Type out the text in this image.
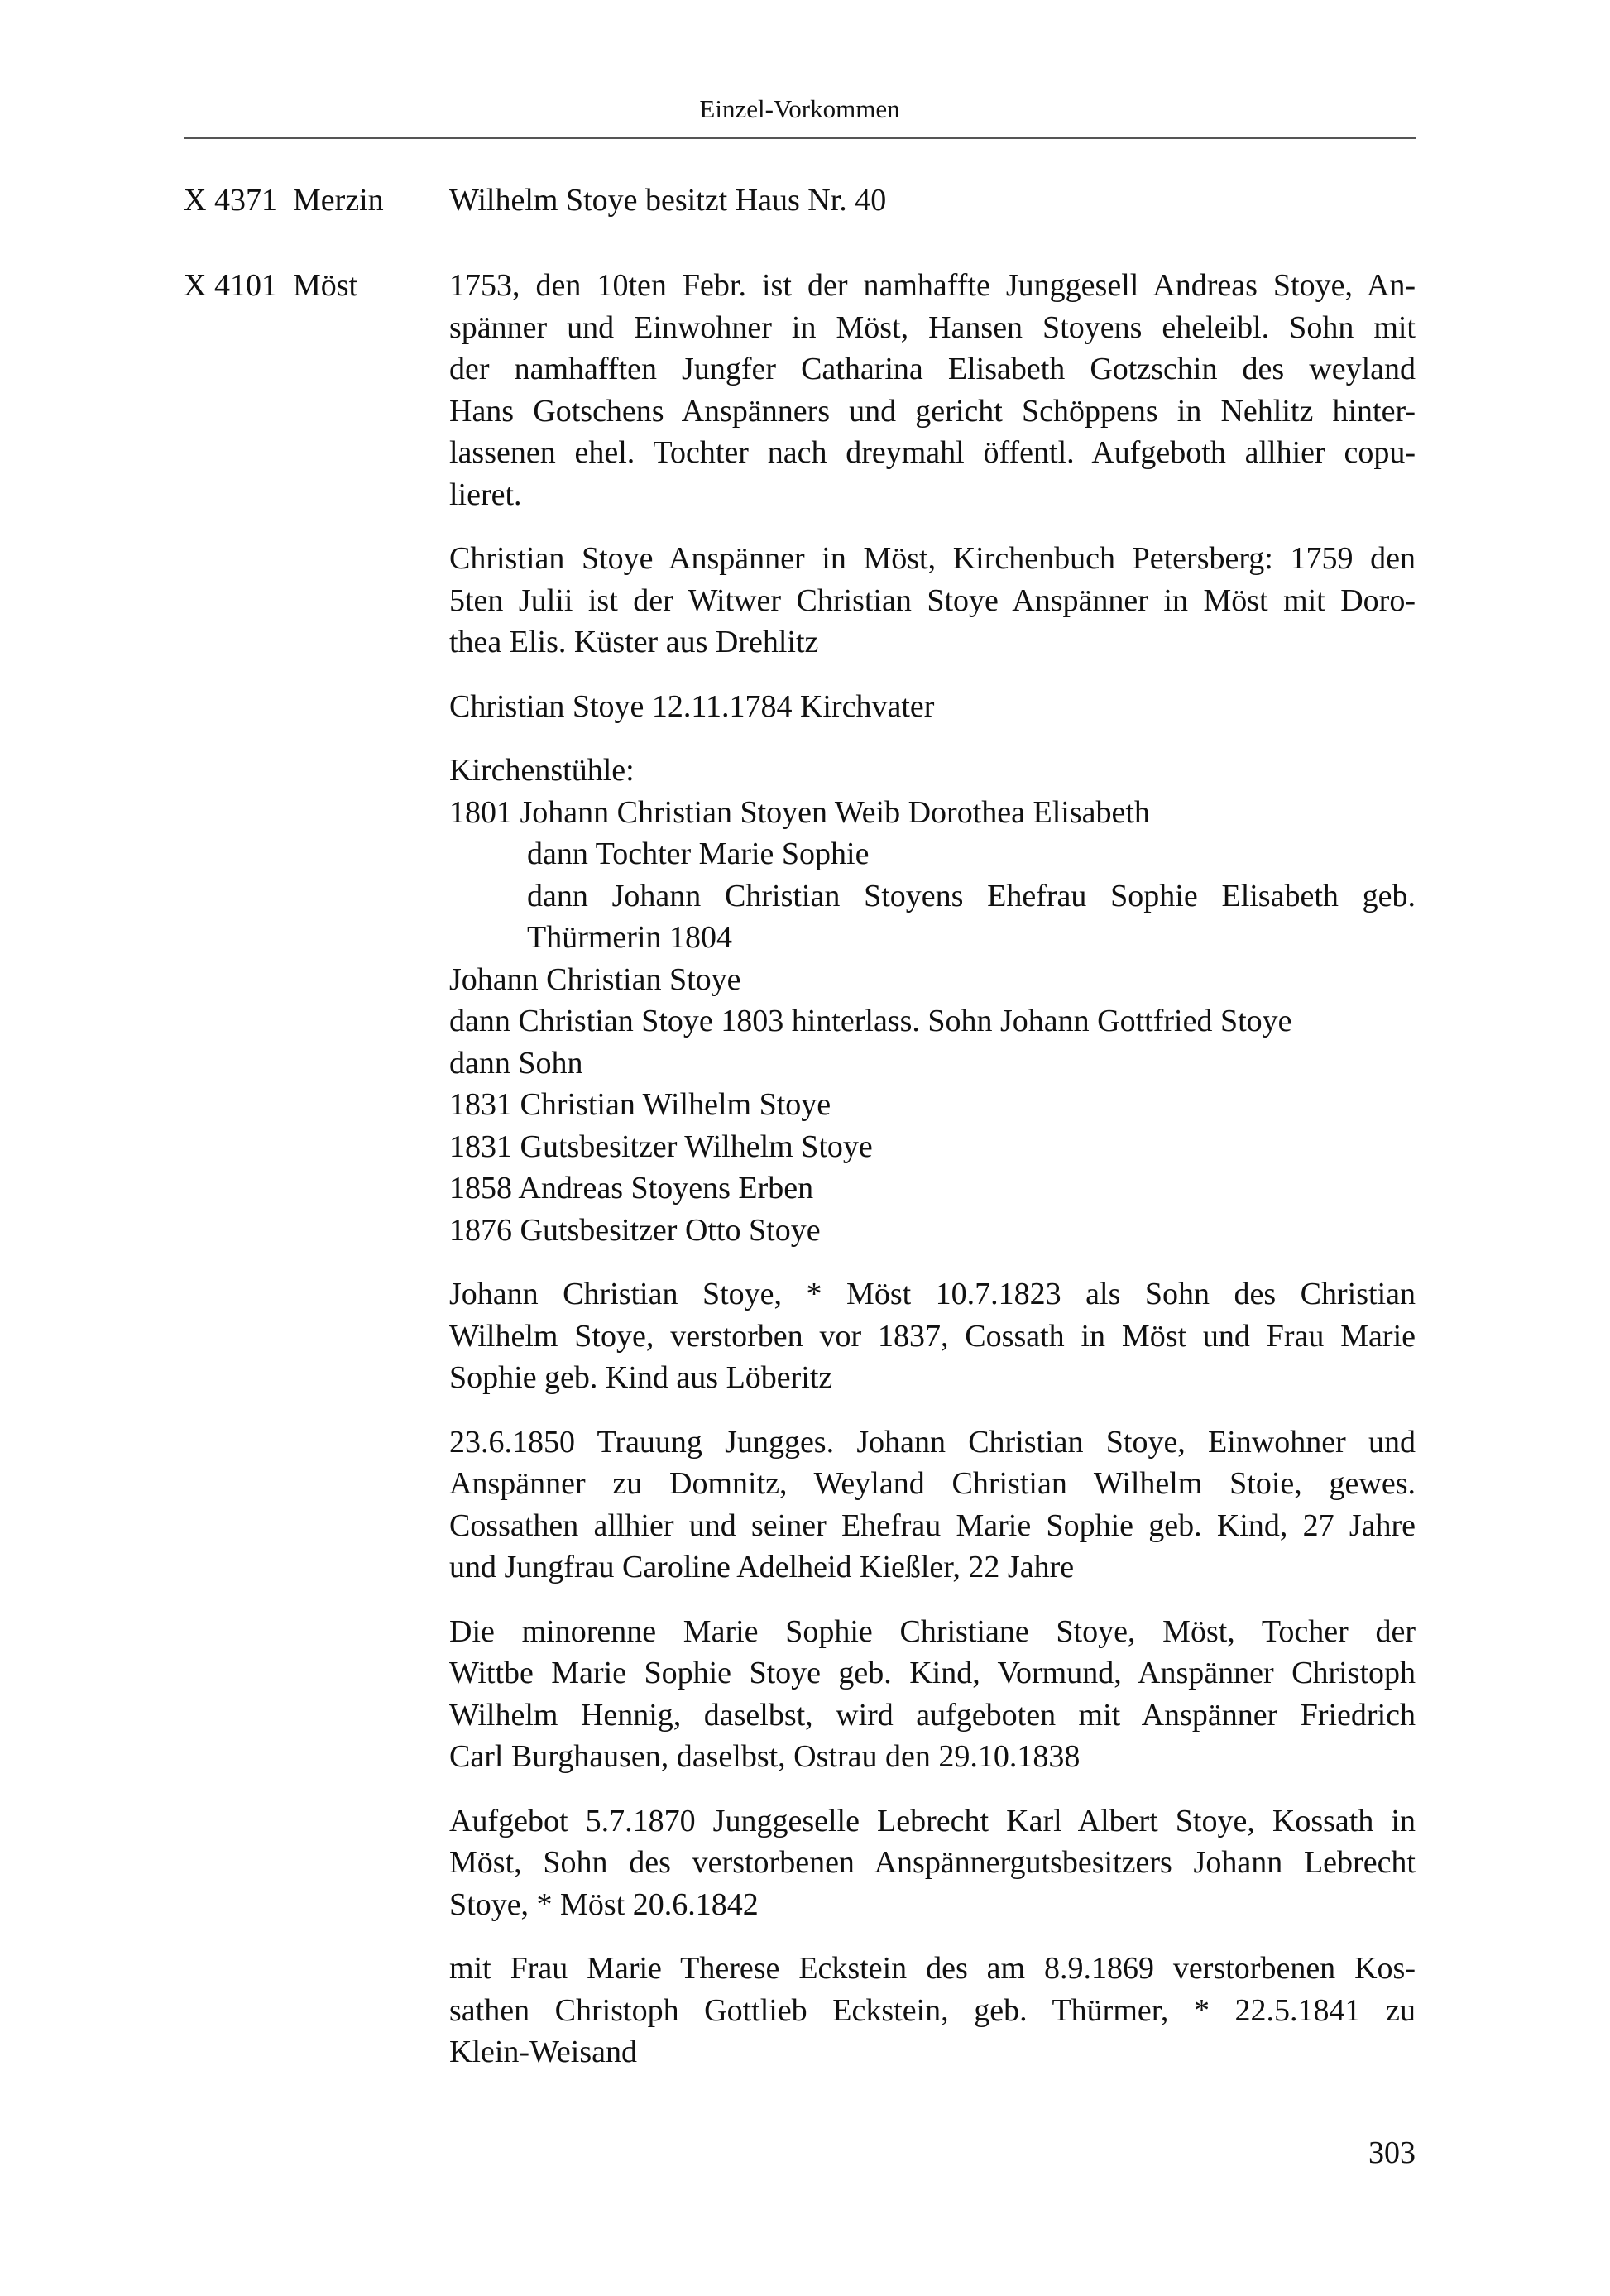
Einzel-Vorkommen
X 4371  Merzin Wilhelm Stoye besitzt Haus Nr. 40
X 4101  Möst	1753, den 10ten Febr. ist der namhaffte Junggesell Andreas Stoye, An-
spänner und Einwohner in Möst, Hansen Stoyens eheleibl. Sohn mit
der namhafften Jungfer Catharina Elisabeth Gotzschin des weyland
Hans Gotschens Anspänners und gericht Schöppens in Nehlitz hinter-
lassenen ehel. Tochter nach dreymahl öffentl. Aufgeboth allhier copu-
lieret.
Christian Stoye Anspänner in Möst, Kirchenbuch Petersberg: 1759 den
5ten Julii ist der Witwer Christian Stoye Anspänner in Möst mit Doro-
thea Elis. Küster aus Drehlitz
Christian Stoye 12.11.1784 Kirchvater
Kirchenstühle:
1801 Johann Christian Stoyen Weib Dorothea Elisabeth
dann Tochter Marie Sophie
dann Johann Christian Stoyens Ehefrau Sophie Elisabeth geb.
Thürmerin 1804
Johann Christian Stoye
dann Christian Stoye 1803 hinterlass. Sohn Johann Gottfried Stoye
dann Sohn
1831 Christian Wilhelm Stoye
1831 Gutsbesitzer Wilhelm Stoye
1858 Andreas Stoyens Erben
1876 Gutsbesitzer Otto Stoye
Johann Christian Stoye, * Möst 10.7.1823 als Sohn des Christian
Wilhelm Stoye, verstorben vor 1837, Cossath in Möst und Frau Marie
Sophie geb. Kind aus Löberitz
23.6.1850 Trauung Jungges. Johann Christian Stoye, Einwohner und
Anspänner zu Domnitz, Weyland Christian Wilhelm Stoie, gewes.
Cossathen allhier und seiner Ehefrau Marie Sophie geb. Kind, 27 Jahre
und Jungfrau Caroline Adelheid Kießler, 22 Jahre
Die minorenne Marie Sophie Christiane Stoye, Möst, Tocher der
Wittbe Marie Sophie Stoye geb. Kind, Vormund, Anspänner Christoph
Wilhelm Hennig, daselbst, wird aufgeboten mit Anspänner Friedrich
Carl Burghausen, daselbst, Ostrau den 29.10.1838
Aufgebot 5.7.1870 Junggeselle Lebrecht Karl Albert Stoye, Kossath in
Möst, Sohn des verstorbenen Anspännergutsbesitzers Johann Lebrecht
Stoye, * Möst 20.6.1842
mit Frau Marie Therese Eckstein des am 8.9.1869 verstorbenen Kos-
sathen Christoph Gottlieb Eckstein, geb. Thürmer, * 22.5.1841 zu
Klein-Weisand
303
